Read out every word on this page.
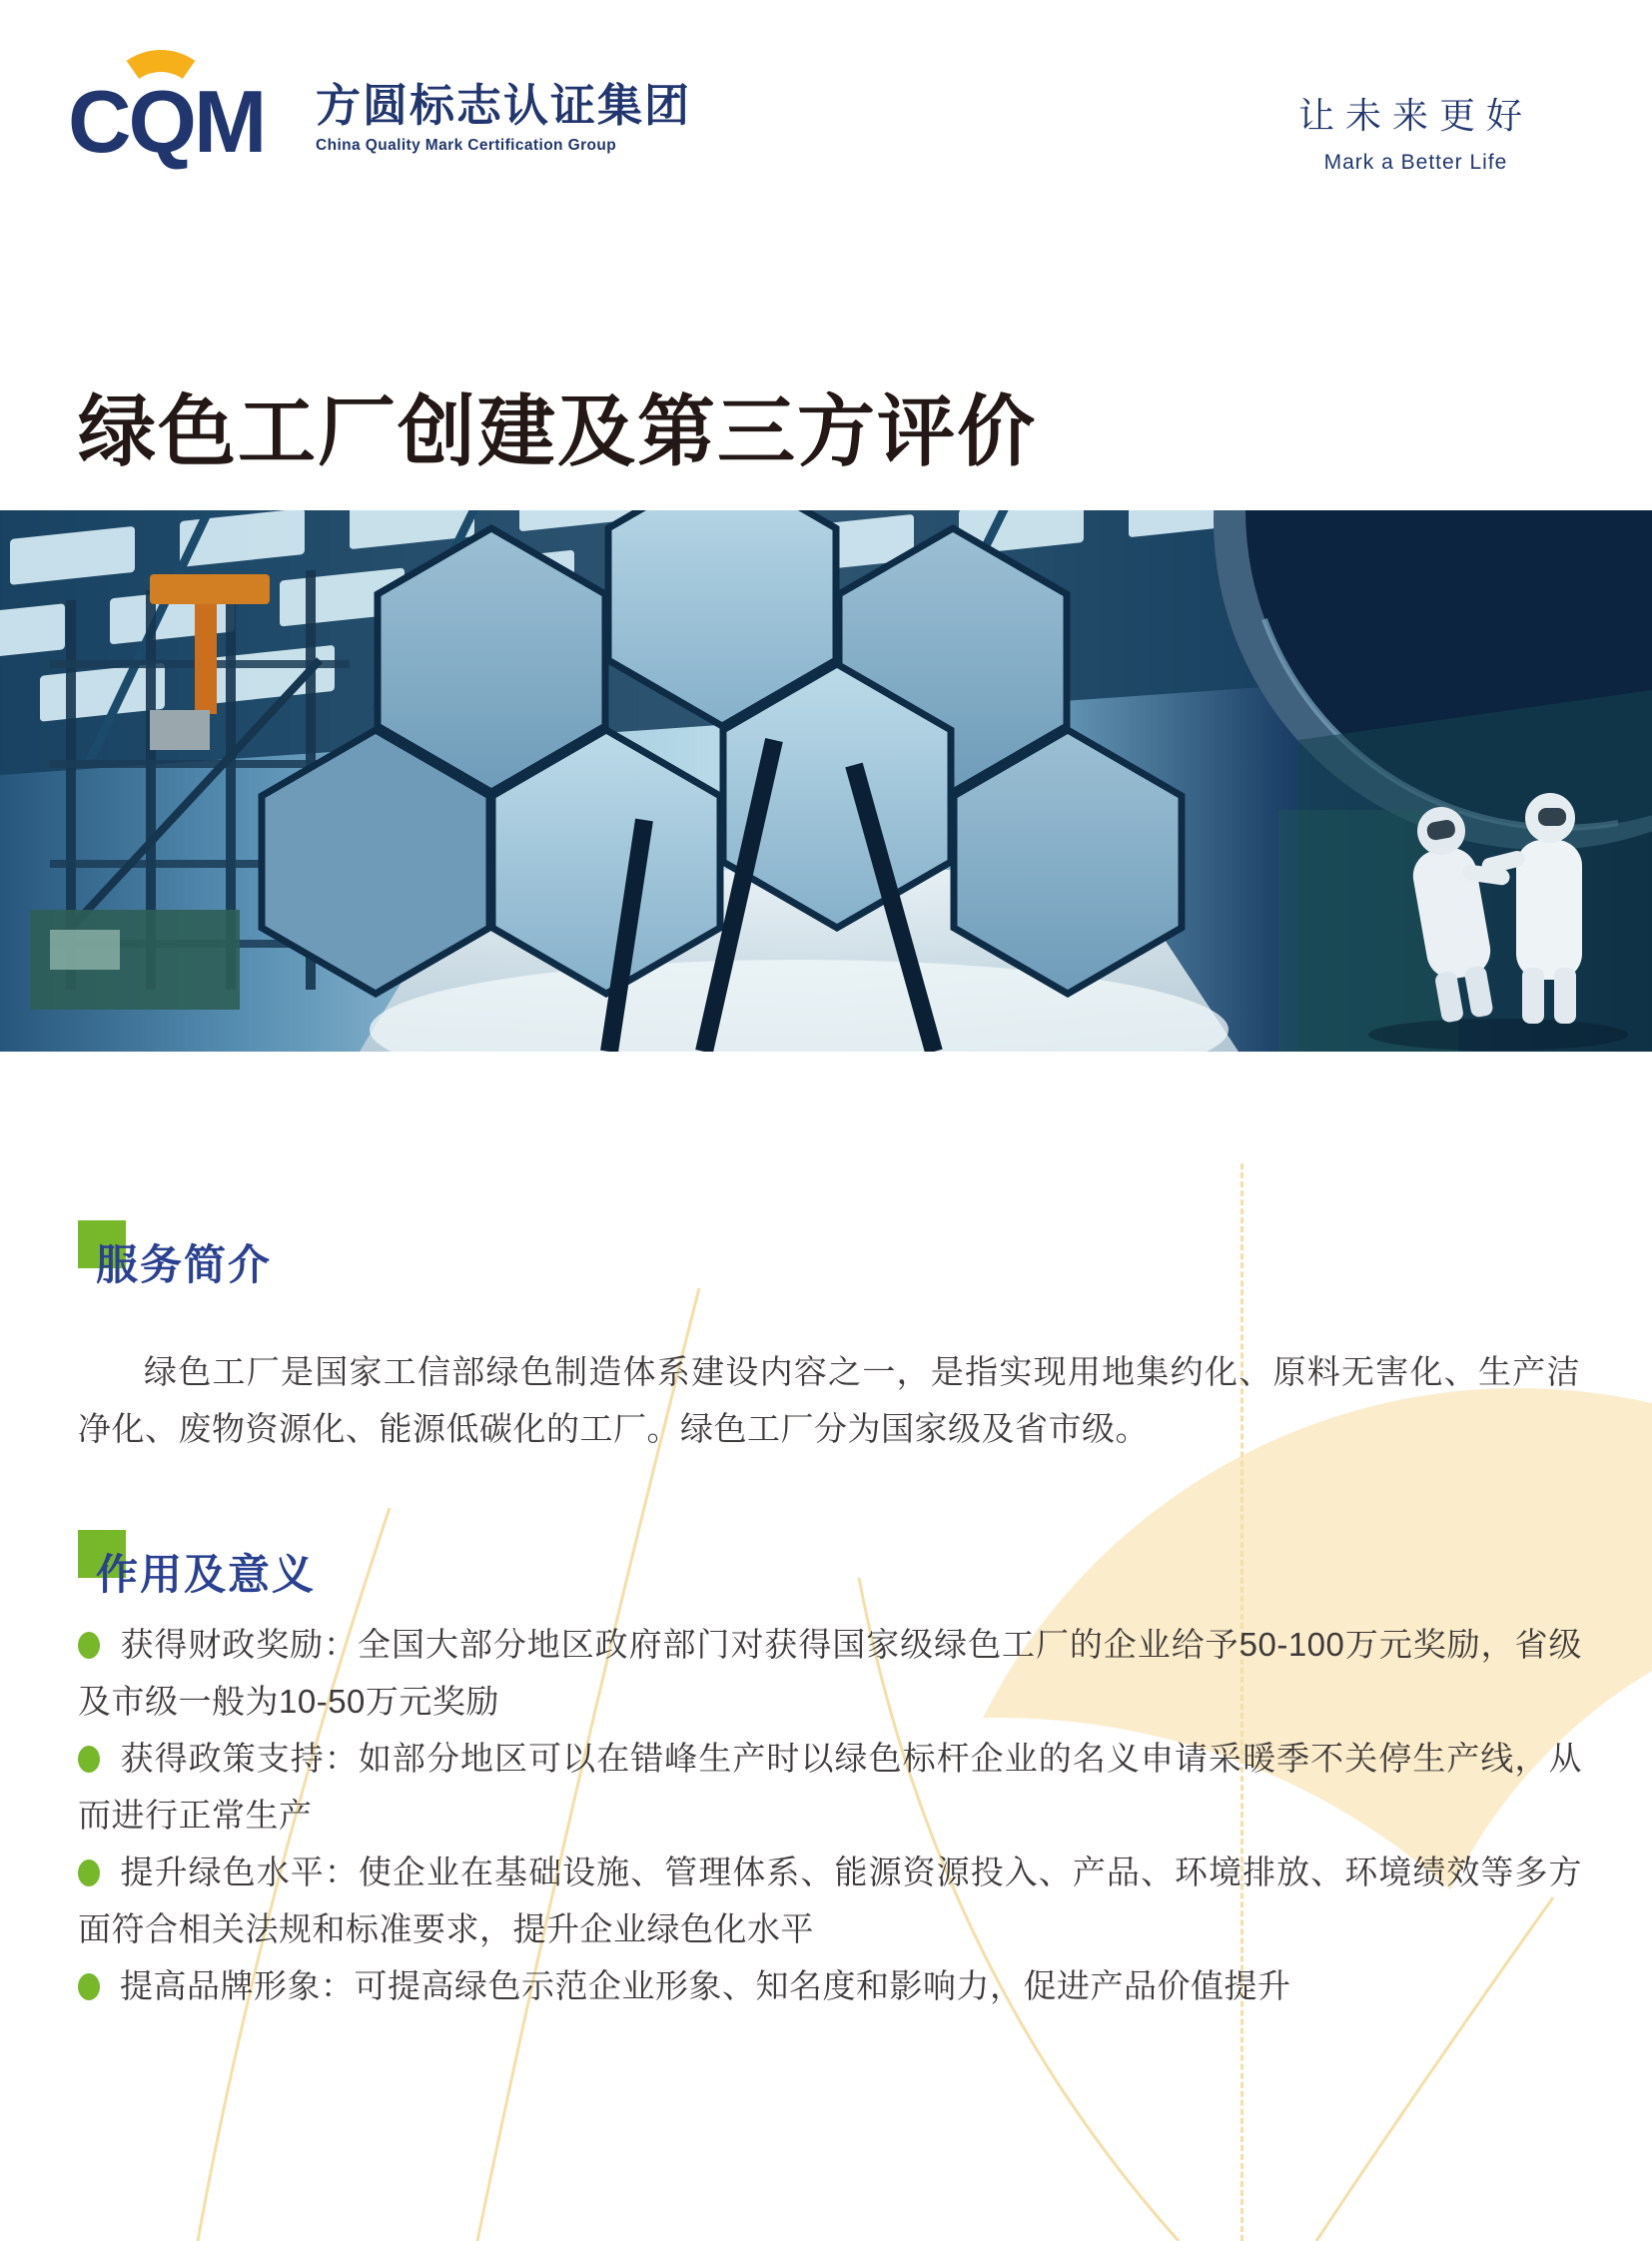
CQM 方圆标志认证集团
China Quality Mark Certification Group
让未来更好
Mark a Better Life
绿色工厂创建及第三方评价
服务简介

绿色工厂是国家工信部绿色制造体系建设内容之一，是指实现用地集约化、原料无害化、生产洁净化、废物资源化、能源低碳化的工厂。绿色工厂分为国家级及省市级。

作用及意义

获得财政奖励：全国大部分地区政府部门对获得国家级绿色工厂的企业给予50-100万元奖励，省级及市级一般为10-50万元奖励

获得政策支持：如部分地区可以在错峰生产时以绿色标杆企业的名义申请采暖季不关停生产线，从而进行正常生产

提升绿色水平：使企业在基础设施、管理体系、能源资源投入、产品、环境排放、环境绩效等多方面符合相关法规和标准要求，提升企业绿色化水平

提高品牌形象：可提高绿色示范企业形象、知名度和影响力，促进产品价值提升
